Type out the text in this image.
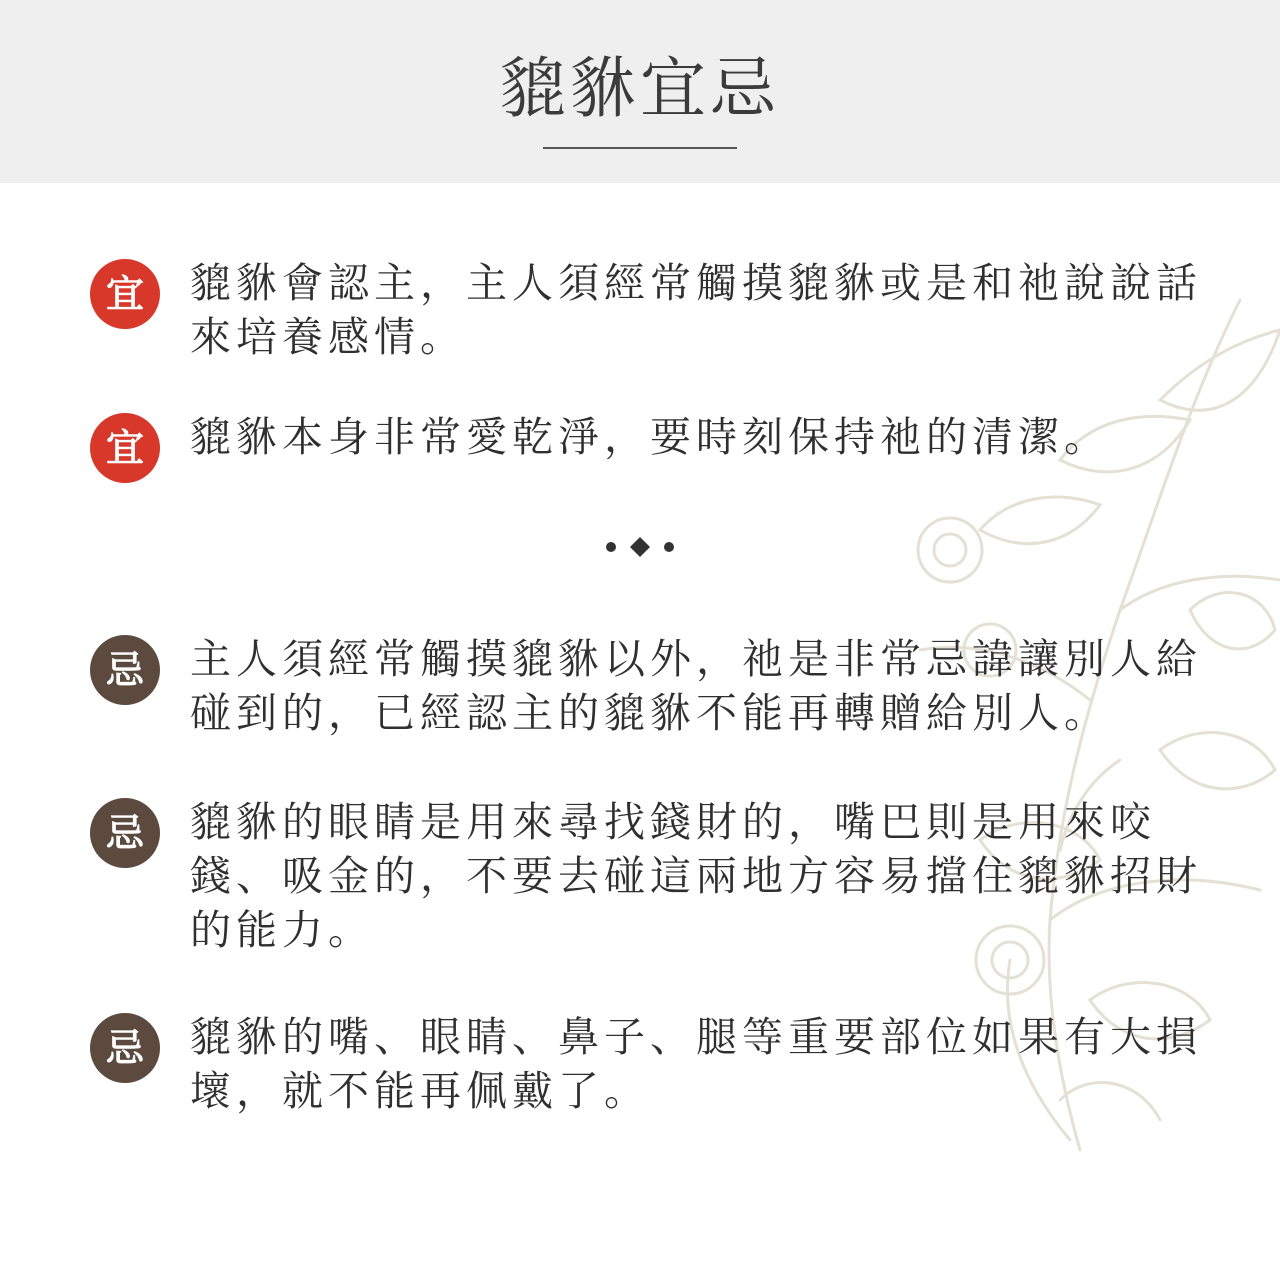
貔貅宜忌
宜	貔貅會認主，主人須經常觸摸貔貅或是和祂說說話來培養感情。
宜	貔貅本身非常愛乾淨，要時刻保持祂的清潔。
忌	主人須經常觸摸貔貅以外，祂是非常忌諱讓別人給碰到的，已經認主的貔貅不能再轉贈給別人。
忌	貔貅的眼睛是用來尋找錢財的，嘴巴則是用來咬錢、吸金的，不要去碰這兩地方容易擋住貔貅招財的能力。
忌	貔貅的嘴、眼睛、鼻子、腿等重要部位如果有大損壞，就不能再佩戴了。
